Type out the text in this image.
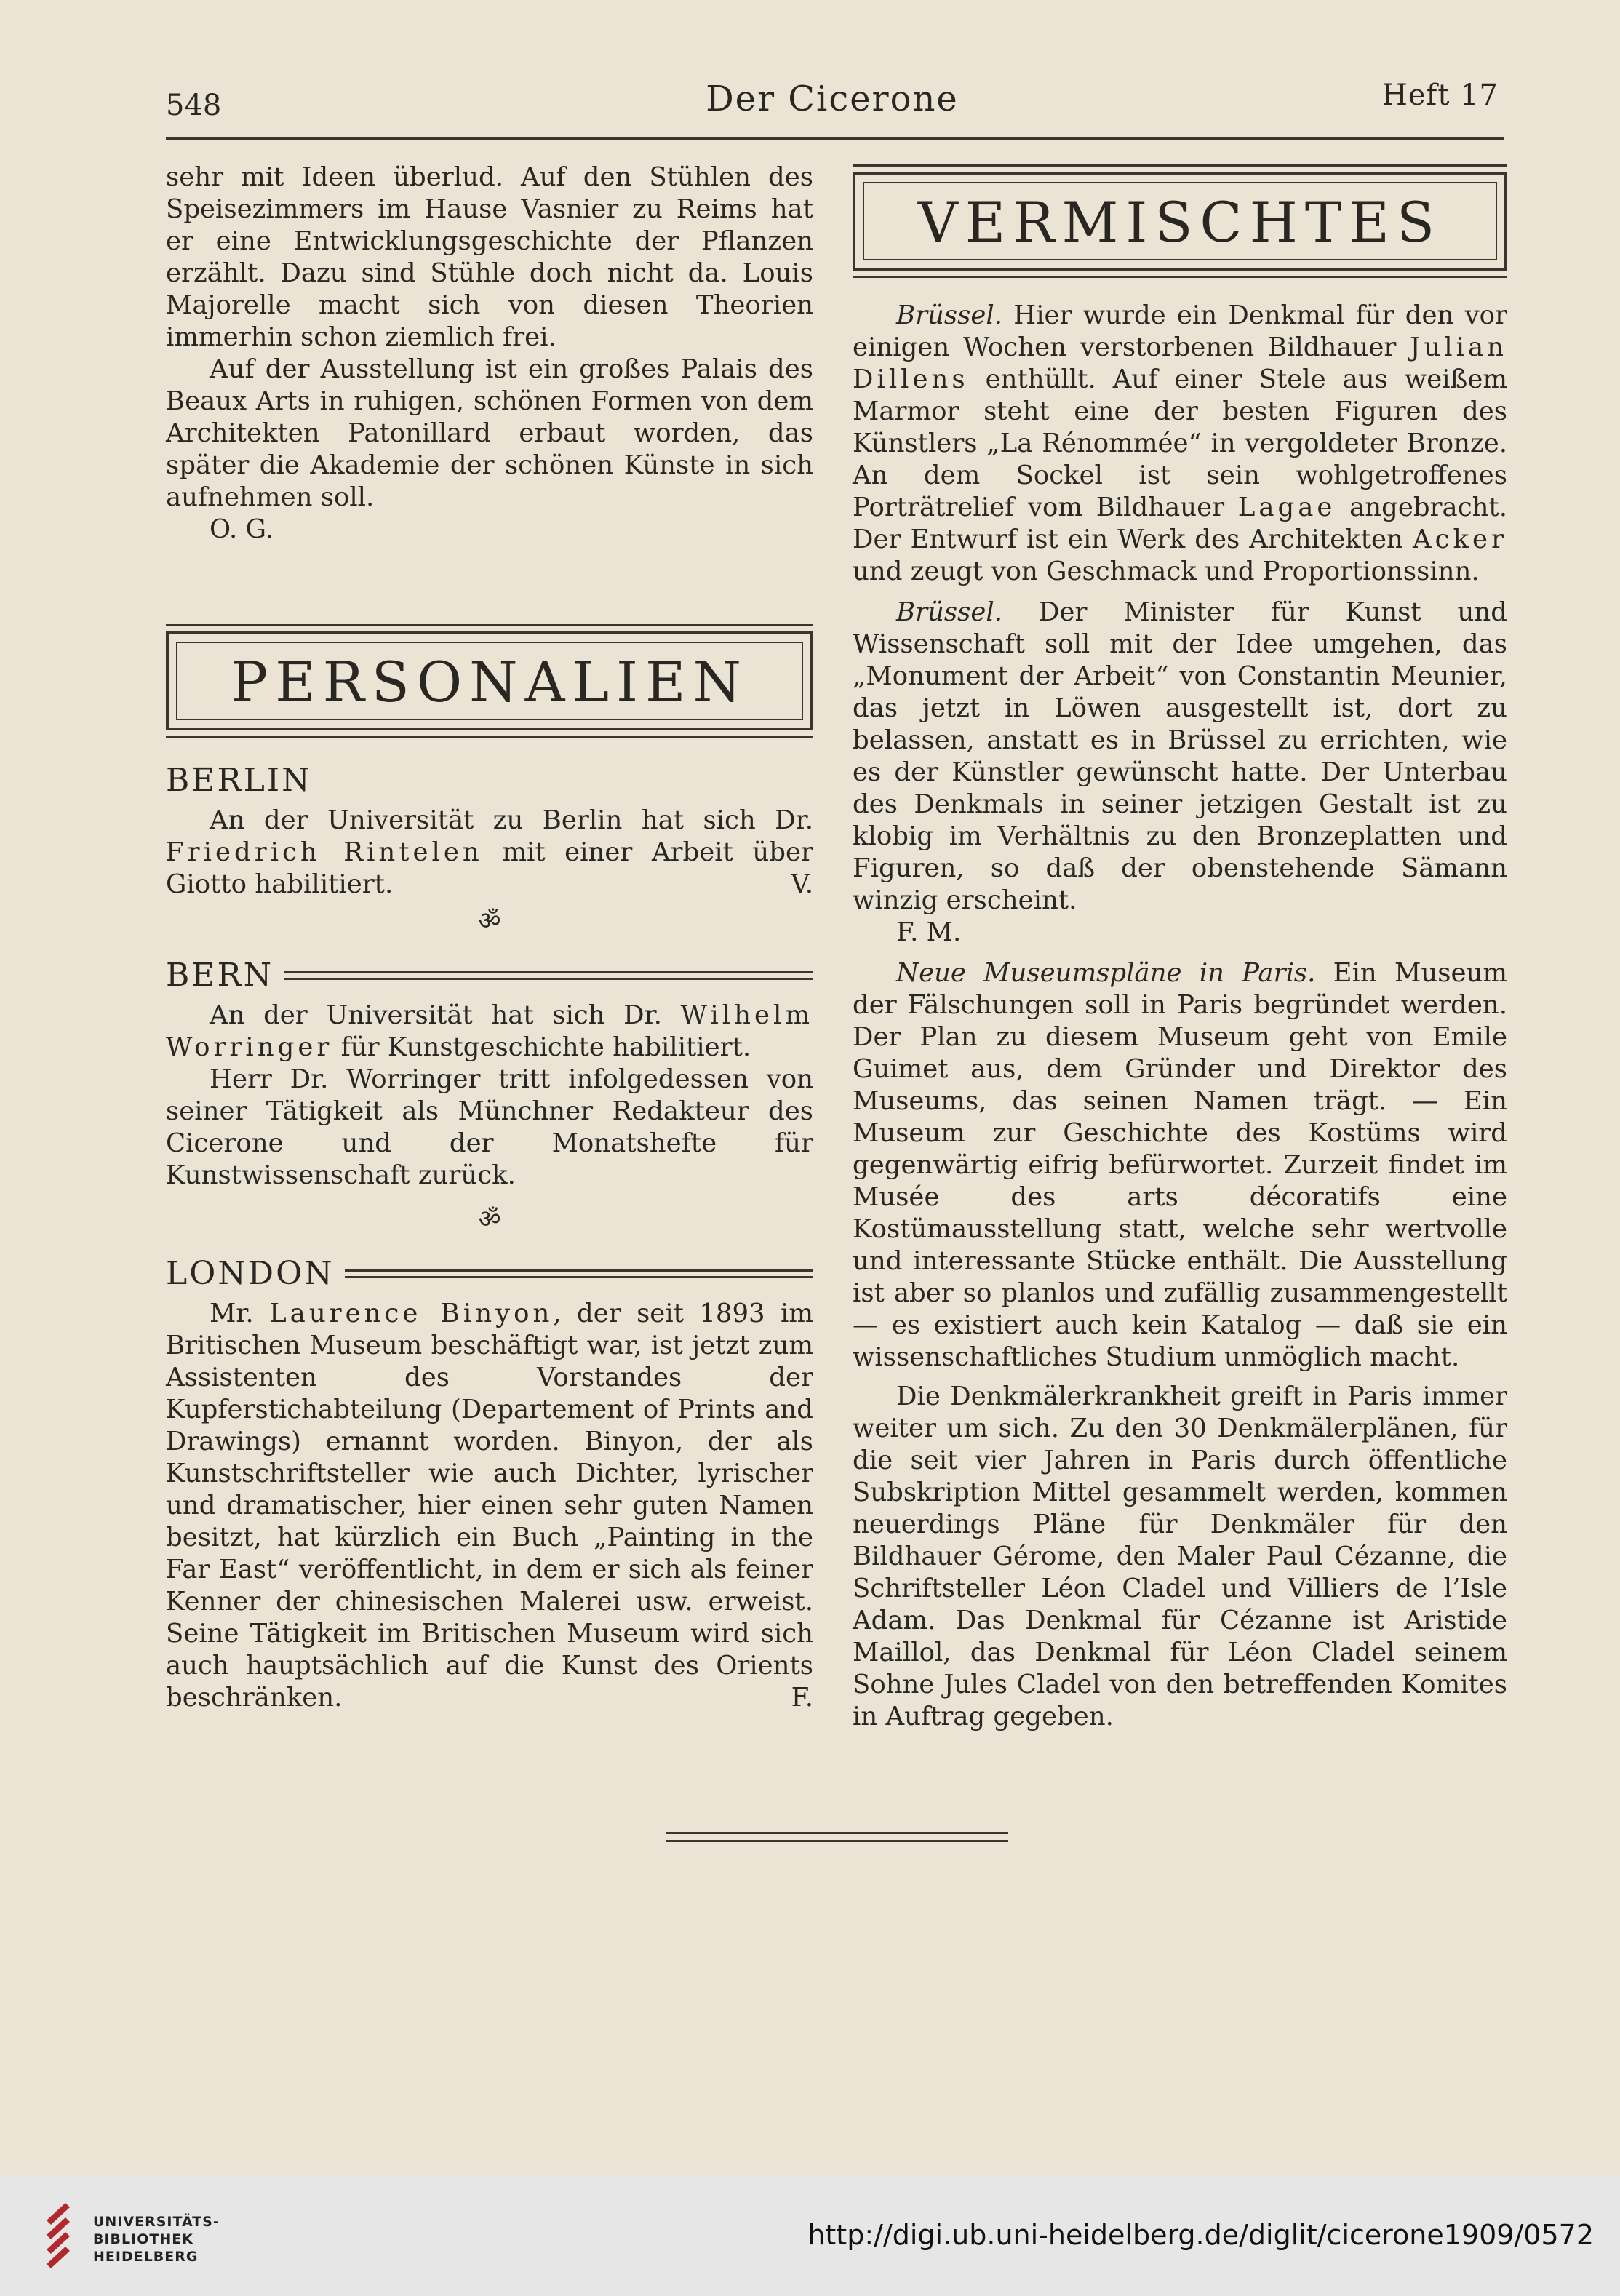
548	Der Cicerone	Heft 17

sehr mit Ideen überlud. Auf den Stühlen des Speisezimmers im Hause Vasnier zu Reims hat er eine Entwicklungsgeschichte der Pflanzen erzählt. Dazu sind Stühle doch nicht da. Louis Majorelle macht sich von diesen Theorien immerhin schon ziemlich frei.

Auf der Ausstellung ist ein großes Palais des Beaux Arts in ruhigen, schönen Formen von dem Architekten Patonillard erbaut worden, das später die Akademie der schönen Künste in sich aufnehmen soll.
O. G.

PERSONALIEN
BERLIN

An der Universität zu Berlin hat sich Dr. Friedrich Rintelen mit einer Arbeit über Giotto habilitiert.	V.

ॐ
BERN

An der Universität hat sich Dr. Wilhelm Worringer für Kunstgeschichte habilitiert.

Herr Dr. Worringer tritt infolgedessen von seiner Tätigkeit als Münchner Redakteur des Cicerone und der Monatshefte für Kunstwissenschaft zurück.

ॐ
LONDON

Mr. Laurence Binyon, der seit 1893 im Britischen Museum beschäftigt war, ist jetzt zum Assistenten des Vorstandes der Kupferstichabteilung (Departement of Prints and Drawings) ernannt worden. Binyon, der als Kunstschriftsteller wie auch Dichter, lyrischer und dramatischer, hier einen sehr guten Namen besitzt, hat kürzlich ein Buch „Painting in the Far East“ veröffentlicht, in dem er sich als feiner Kenner der chinesischen Malerei usw. erweist. Seine Tätigkeit im Britischen Museum wird sich auch hauptsächlich auf die Kunst des Orients beschränken.	F.

VERMISCHTES

Brüssel. Hier wurde ein Denkmal für den vor einigen Wochen verstorbenen Bildhauer Julian Dillens enthüllt. Auf einer Stele aus weißem Marmor steht eine der besten Figuren des Künstlers „La Rénommée“ in vergoldeter Bronze. An dem Sockel ist sein wohlgetroffenes Porträtrelief vom Bildhauer Lagae angebracht. Der Entwurf ist ein Werk des Architekten Acker und zeugt von Geschmack und Proportionssinn.

Brüssel. Der Minister für Kunst und Wissenschaft soll mit der Idee umgehen, das „Monument der Arbeit“ von Constantin Meunier, das jetzt in Löwen ausgestellt ist, dort zu belassen, anstatt es in Brüssel zu errichten, wie es der Künstler gewünscht hatte. Der Unterbau des Denkmals in seiner jetzigen Gestalt ist zu klobig im Verhältnis zu den Bronzeplatten und Figuren, so daß der obenstehende Sämann winzig erscheint.
F. M.

Neue Museumspläne in Paris. Ein Museum der Fälschungen soll in Paris begründet werden. Der Plan zu diesem Museum geht von Emile Guimet aus, dem Gründer und Direktor des Museums, das seinen Namen trägt. — Ein Museum zur Geschichte des Kostüms wird gegenwärtig eifrig befürwortet. Zurzeit findet im Musée des arts décoratifs eine Kostümausstellung statt, welche sehr wertvolle und interessante Stücke enthält. Die Ausstellung ist aber so planlos und zufällig zusammengestellt — es existiert auch kein Katalog — daß sie ein wissenschaftliches Studium unmöglich macht.

Die Denkmälerkrankheit greift in Paris immer weiter um sich. Zu den 30 Denkmälerplänen, für die seit vier Jahren in Paris durch öffentliche Subskription Mittel gesammelt werden, kommen neuerdings Pläne für Denkmäler für den Bildhauer Gérome, den Maler Paul Cézanne, die Schriftsteller Léon Cladel und Villiers de l’Isle Adam. Das Denkmal für Cézanne ist Aristide Maillol, das Denkmal für Léon Cladel seinem Sohne Jules Cladel von den betreffenden Komites in Auftrag gegeben.

UNIVERSITÄTS-
BIBLIOTHEK
HEIDELBERG
http://digi.ub.uni-heidelberg.de/diglit/cicerone1909/0572
